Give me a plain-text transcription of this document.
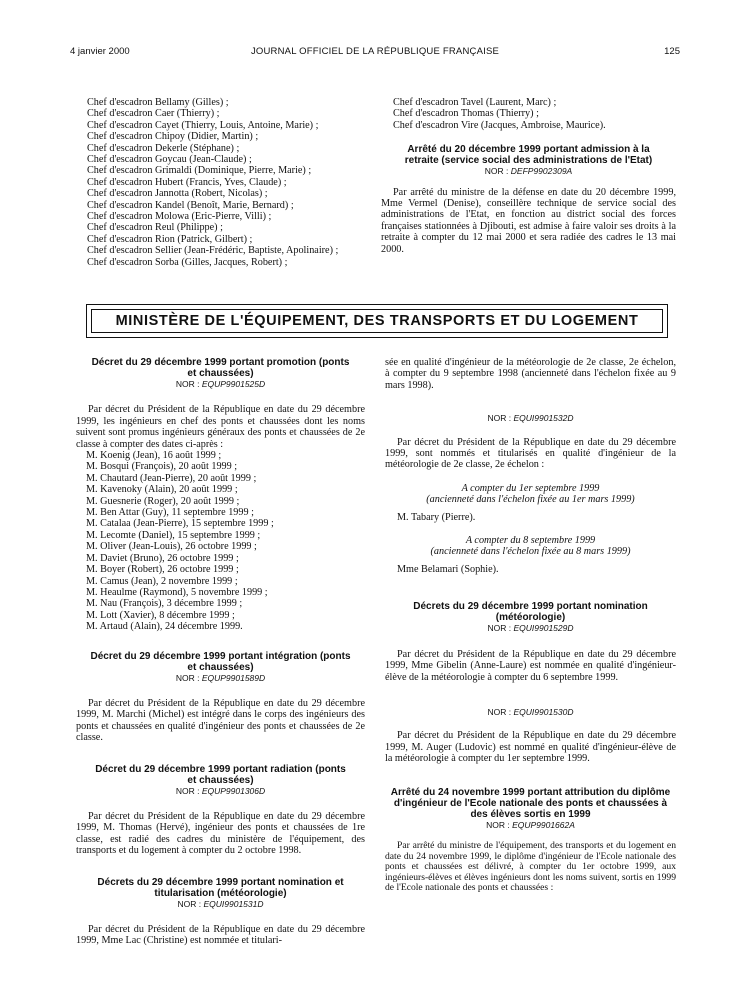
4 janvier 2000	JOURNAL OFFICIEL DE LA RÉPUBLIQUE FRANÇAISE	125
Chef d'escadron Bellamy (Gilles) ;
Chef d'escadron Caer (Thierry) ;
Chef d'escadron Cayet (Thierry, Louis, Antoine, Marie) ;
Chef d'escadron Chipoy (Didier, Martin) ;
Chef d'escadron Dekerle (Stéphane) ;
Chef d'escadron Goycau (Jean-Claude) ;
Chef d'escadron Grimaldi (Dominique, Pierre, Marie) ;
Chef d'escadron Hubert (Francis, Yves, Claude) ;
Chef d'escadron Jannotta (Robert, Nicolas) ;
Chef d'escadron Kandel (Benoît, Marie, Bernard) ;
Chef d'escadron Molowa (Eric-Pierre, Villi) ;
Chef d'escadron Reul (Philippe) ;
Chef d'escadron Rion (Patrick, Gilbert) ;
Chef d'escadron Sellier (Jean-Frédéric, Baptiste, Apolinaire) ;
Chef d'escadron Sorba (Gilles, Jacques, Robert) ;
Chef d'escadron Tavel (Laurent, Marc) ;
Chef d'escadron Thomas (Thierry) ;
Chef d'escadron Vire (Jacques, Ambroise, Maurice).

Arrêté du 20 décembre 1999 portant admission à la retraite (service social des administrations de l'Etat)

NOR : DEFP9902309A

Par arrêté du ministre de la défense en date du 20 décembre 1999, Mme Vermel (Denise), conseillère technique de service social des administrations de l'Etat, en fonction au district social des forces françaises stationnées à Djibouti, est admise à faire valoir ses droits à la retraite à compter du 12 mai 2000 et sera radiée des cadres le 13 mai 2000.

MINISTÈRE DE L'ÉQUIPEMENT, DES TRANSPORTS ET DU LOGEMENT

Décret du 29 décembre 1999 portant promotion (ponts et chaussées)

NOR : EQUP9901525D

Par décret du Président de la République en date du 29 décembre 1999, les ingénieurs en chef des ponts et chaussées dont les noms suivent sont promus ingénieurs généraux des ponts et chaussées de 2e classe à compter des dates ci-après :

M. Koenig (Jean), 16 août 1999 ;
M. Bosqui (François), 20 août 1999 ;
M. Chautard (Jean-Pierre), 20 août 1999 ;
M. Kavenoky (Alain), 20 août 1999 ;
M. Guesnerie (Roger), 20 août 1999 ;
M. Ben Attar (Guy), 11 septembre 1999 ;
M. Catalaa (Jean-Pierre), 15 septembre 1999 ;
M. Lecomte (Daniel), 15 septembre 1999 ;
M. Oliver (Jean-Louis), 26 octobre 1999 ;
M. Daviet (Bruno), 26 octobre 1999 ;
M. Boyer (Robert), 26 octobre 1999 ;
M. Camus (Jean), 2 novembre 1999 ;
M. Heaulme (Raymond), 5 novembre 1999 ;
M. Nau (François), 3 décembre 1999 ;
M. Lott (Xavier), 8 décembre 1999 ;
M. Artaud (Alain), 24 décembre 1999.

Décret du 29 décembre 1999 portant intégration (ponts et chaussées)

NOR : EQUP9901589D

Par décret du Président de la République en date du 29 décembre 1999, M. Marchi (Michel) est intégré dans le corps des ingénieurs des ponts et chaussées en qualité d'ingénieur des ponts et chaussées de 2e classe.

Décret du 29 décembre 1999 portant radiation (ponts et chaussées)

NOR : EQUP9901306D

Par décret du Président de la République en date du 29 décembre 1999, M. Thomas (Hervé), ingénieur des ponts et chaussées de 1re classe, est radié des cadres du ministère de l'équipement, des transports et du logement à compter du 2 octobre 1998.

Décrets du 29 décembre 1999 portant nomination et titularisation (météorologie)

NOR : EQUI9901531D

Par décret du Président de la République en date du 29 décembre 1999, Mme Lac (Christine) est nommée et titulari-

sée en qualité d'ingénieur de la météorologie de 2e classe, 2e échelon, à compter du 9 septembre 1998 (ancienneté dans l'échelon fixée au 9 mars 1998).

NOR : EQUI9901532D

Par décret du Président de la République en date du 29 décembre 1999, sont nommés et titularisés en qualité d'ingénieur de la météorologie de 2e classe, 2e échelon :

A compter du 1er septembre 1999

(ancienneté dans l'échelon fixée au 1er mars 1999)

M. Tabary (Pierre).

A compter du 8 septembre 1999

(ancienneté dans l'échelon fixée au 8 mars 1999)

Mme Belamari (Sophie).

Décrets du 29 décembre 1999 portant nomination (météorologie)

NOR : EQUI9901529D

Par décret du Président de la République en date du 29 décembre 1999, Mme Gibelin (Anne-Laure) est nommée en qualité d'ingénieur-élève de la météorologie à compter du 6 septembre 1999.

NOR : EQUI9901530D

Par décret du Président de la République en date du 29 décembre 1999, M. Auger (Ludovic) est nommé en qualité d'ingénieur-élève de la météorologie à compter du 1er septembre 1999.

Arrêté du 24 novembre 1999 portant attribution du diplôme d'ingénieur de l'Ecole nationale des ponts et chaussées à des élèves sortis en 1999

NOR : EQUP9901662A

Par arrêté du ministre de l'équipement, des transports et du logement en date du 24 novembre 1999, le diplôme d'ingénieur de l'Ecole nationale des ponts et chaussées est délivré, à compter du 1er octobre 1999, aux ingénieurs-élèves et élèves ingénieurs dont les noms suivent, sortis en 1999 de l'Ecole nationale des ponts et chaussées :
